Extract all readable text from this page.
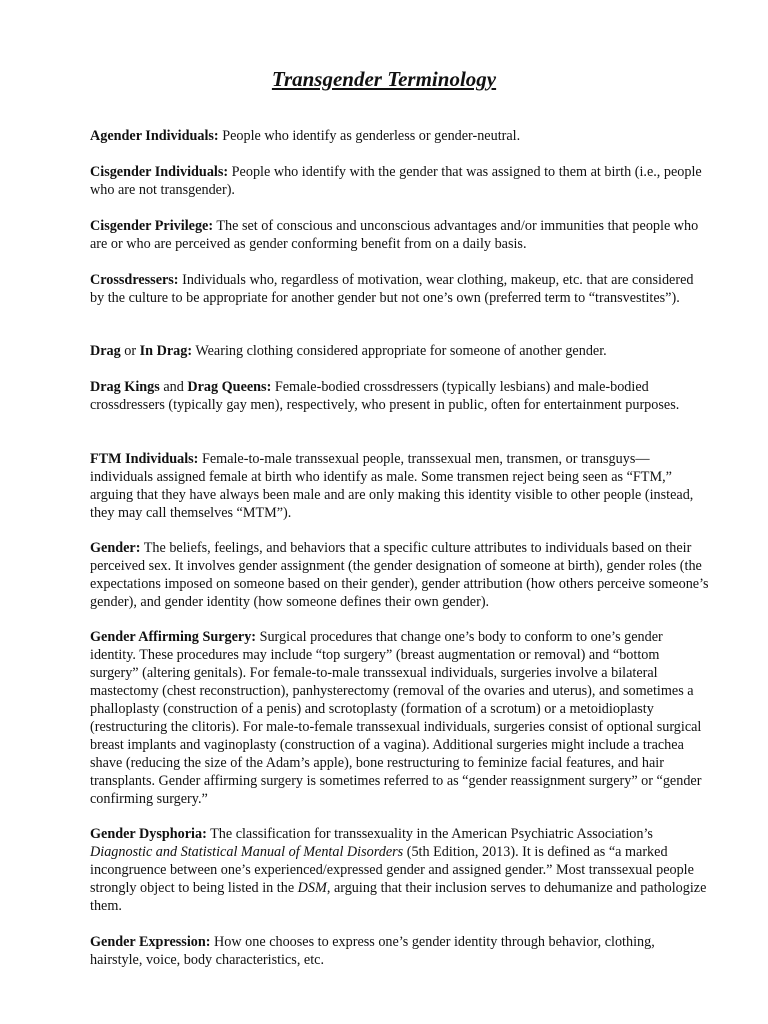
Transgender Terminology

Agender Individuals: People who identify as genderless or gender-neutral.

Cisgender Individuals: People who identify with the gender that was assigned to them at birth (i.e., people who are not transgender).

Cisgender Privilege: The set of conscious and unconscious advantages and/or immunities that people who are or who are perceived as gender conforming benefit from on a daily basis.

Crossdressers: Individuals who, regardless of motivation, wear clothing, makeup, etc. that are considered by the culture to be appropriate for another gender but not one’s own (preferred term to “transvestites”).

Drag or In Drag: Wearing clothing considered appropriate for someone of another gender.

Drag Kings and Drag Queens: Female-bodied crossdressers (typically lesbians) and male-bodied crossdressers (typically gay men), respectively, who present in public, often for entertainment purposes.

FTM Individuals: Female-to-male transsexual people, transsexual men, transmen, or transguys—individuals assigned female at birth who identify as male. Some transmen reject being seen as “FTM,” arguing that they have always been male and are only making this identity visible to other people (instead, they may call themselves “MTM”).

Gender: The beliefs, feelings, and behaviors that a specific culture attributes to individuals based on their perceived sex. It involves gender assignment (the gender designation of someone at birth), gender roles (the expectations imposed on someone based on their gender), gender attribution (how others perceive someone’s gender), and gender identity (how someone defines their own gender).

Gender Affirming Surgery: Surgical procedures that change one’s body to conform to one’s gender identity. These procedures may include “top surgery” (breast augmentation or removal) and “bottom surgery” (altering genitals). For female-to-male transsexual individuals, surgeries involve a bilateral mastectomy (chest reconstruction), panhysterectomy (removal of the ovaries and uterus), and sometimes a phalloplasty (construction of a penis) and scrotoplasty (formation of a scrotum) or a metoidioplasty (restructuring the clitoris). For male-to-female transsexual individuals, surgeries consist of optional surgical breast implants and vaginoplasty (construction of a vagina). Additional surgeries might include a trachea shave (reducing the size of the Adam’s apple), bone restructuring to feminize facial features, and hair transplants. Gender affirming surgery is sometimes referred to as “gender reassignment surgery” or “gender confirming surgery.”

Gender Dysphoria: The classification for transsexuality in the American Psychiatric Association’s Diagnostic and Statistical Manual of Mental Disorders (5th Edition, 2013). It is defined as “a marked incongruence between one’s experienced/expressed gender and assigned gender.” Most transsexual people strongly object to being listed in the DSM, arguing that their inclusion serves to dehumanize and pathologize them.

Gender Expression: How one chooses to express one’s gender identity through behavior, clothing, hairstyle, voice, body characteristics, etc.
